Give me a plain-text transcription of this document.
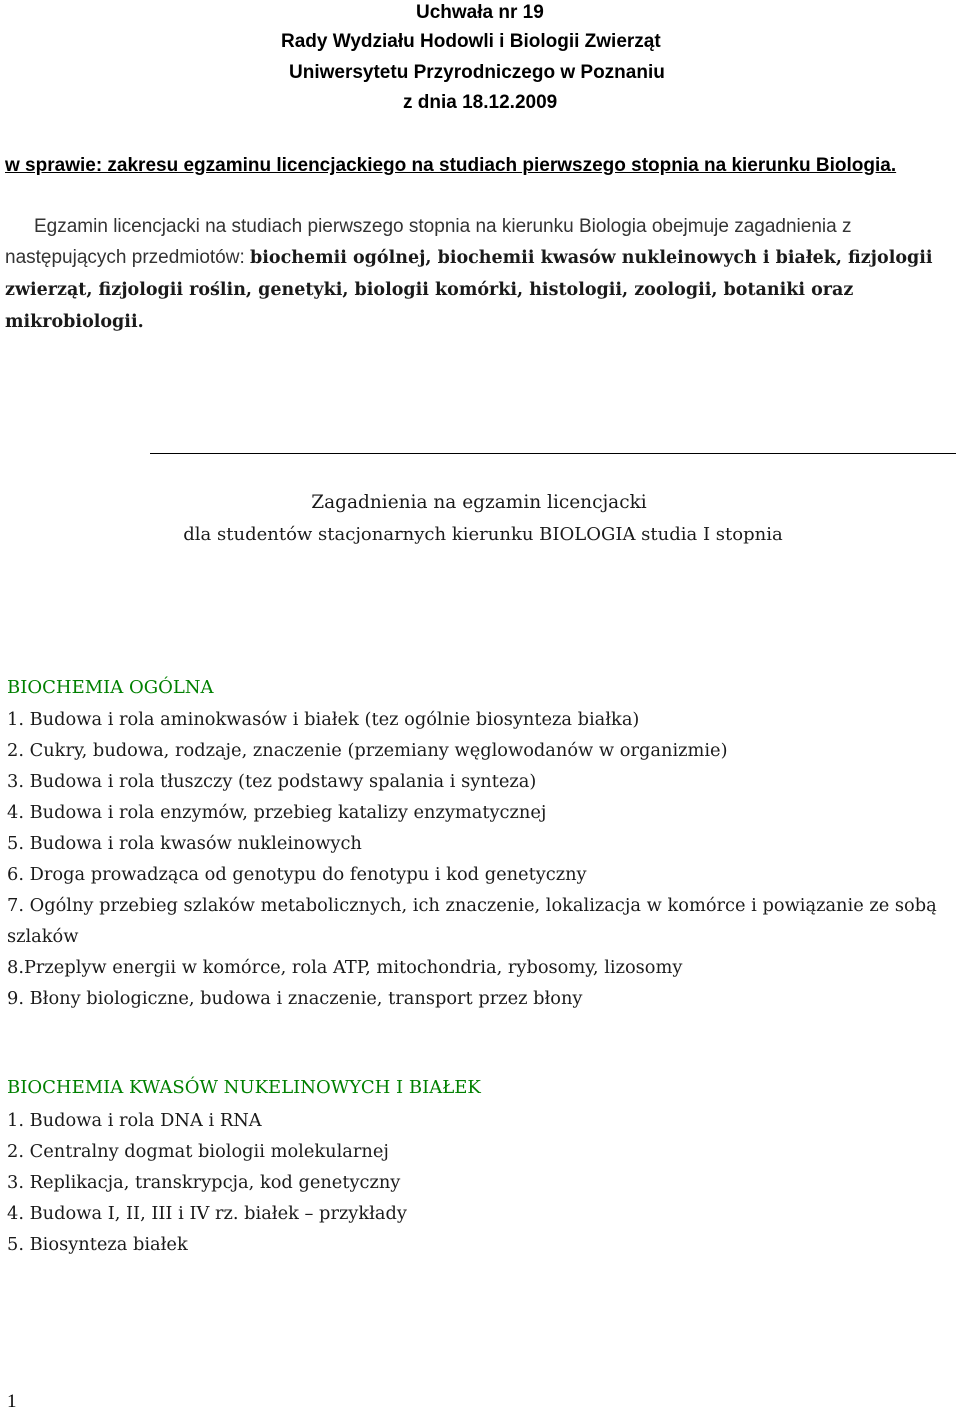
Uchwała nr 19
Rady Wydziału Hodowli i Biologii Zwierząt
Uniwersytetu Przyrodniczego w Poznaniu
z dnia 18.12.2009
w sprawie: zakresu egzaminu licencjackiego na studiach pierwszego stopnia na kierunku Biologia.
Egzamin licencjacki na studiach pierwszego stopnia na kierunku Biologia obejmuje zagadnienia z następujących przedmiotów: biochemii ogólnej, biochemii kwasów nukleinowych i białek, fizjologii zwierząt, fizjologii roślin, genetyki, biologii komórki, histologii, zoologii, botaniki oraz mikrobiologii.
Zagadnienia na egzamin licencjacki
dla studentów stacjonarnych kierunku BIOLOGIA studia I stopnia
BIOCHEMIA OGÓLNA
1. Budowa i rola aminokwasów i białek (tez ogólnie biosynteza białka)
2. Cukry, budowa, rodzaje, znaczenie (przemiany węglowodanów w organizmie)
3. Budowa i rola tłuszczy (tez podstawy spalania i synteza)
4. Budowa i rola enzymów, przebieg katalizy enzymatycznej
5. Budowa i rola kwasów nukleinowych
6. Droga prowadząca od genotypu do fenotypu i kod genetyczny
7. Ogólny przebieg szlaków metabolicznych, ich znaczenie, lokalizacja w komórce i powiązanie ze sobą szlaków
8.Przeplyw energii w komórce, rola ATP, mitochondria, rybosomy, lizosomy
9. Błony biologiczne, budowa i znaczenie, transport przez błony
BIOCHEMIA KWASÓW NUKELINOWYCH I BIAŁEK
1. Budowa i rola DNA i RNA
2. Centralny dogmat biologii molekularnej
3. Replikacja, transkrypcja, kod genetyczny
4. Budowa I, II, III i IV rz. białek – przykłady
5. Biosynteza białek
1
